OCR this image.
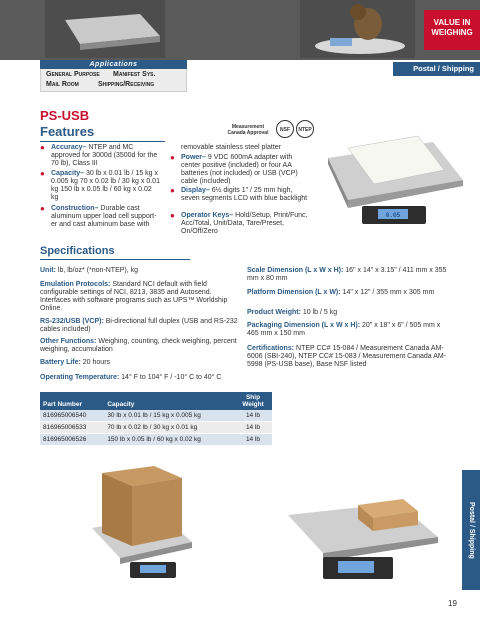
VALUE IN
WEIGHING
Postal / Shipping
Applications
General Purpose Manifest Sys.
Mail Room	Shipping/Receiving
PS-USB
Features	Measurement Canada Approval	NSF	NTEP
● Accuracy– NTEP and MC approved for 3000d (3500d for the 70 lb), Class III
● Capacity– 30 lb x 0.01 lb / 15 kg x 0.005 kg 70 x 0.02 lb / 30 kg x 0.01 kg 150 lb x 0.05 lb / 60 kg x 0.02 kg
● Construction– Durable cast aluminum upper load cell support- er and cast aluminum base with
removable stainless steel platter
● Power– 9 VDC 600mA adapter with center positive (included) or four AA batteries (not included) or USB (VCP) cable (included)
● Display– 6½ digits 1" / 25 mm high, seven segments LCD with blue backlight
● Operator Keys– Hold/Setup, Print/Func, Acc/Total, Unit/Data, Tare/Preset, On/Off/Zero
0.05
Specifications
Unit: lb, lb/oz* (*non-NTEP), kg
Emulation Protocols: Standard NCI default with field configurable settings of NCI, 8213, 3835 and Autosend. Interfaces with software programs such as UPS™ Worldship Online.
RS-232/USB (VCP): Bi-directional full duplex (USB and RS-232 cables included)
Other Functions: Weighing, counting, check weighing, percent weighing, accumulation
Battery Life: 20 hours
Operating Temperature: 14° F to 104° F / -10° C to 40° C
Scale Dimension (L x W x H): 16" x 14" x 3.15" / 411 mm x 355 mm x 80 mm
Platform Dimension (L x W): 14" x 12" / 355 mm x 305 mm
Product Weight: 10 lb / 5 kg
Packaging Dimension (L x W x H): 20" x 18" x 6" / 505 mm x 465 mm x 150 mm
Certifications: NTEP CC# 15-084 / Measurement Canada AM-6006 (SBI-240), NTEP CC# 15-083 / Measurement Canada AM-5998 (PS-USB base), Base NSF listed
Part Number	Capacity	Ship Weight
816965006540	30 lb x 0.01 lb / 15 kg x 0.005 kg	14 lb
816965006533	70 lb x 0.02 lb / 30 kg x 0.01 kg	14 lb
816965006526	150 lb x 0.05 lb / 60 kg x 0.02 kg	14 lb
Postal / Shipping
19
